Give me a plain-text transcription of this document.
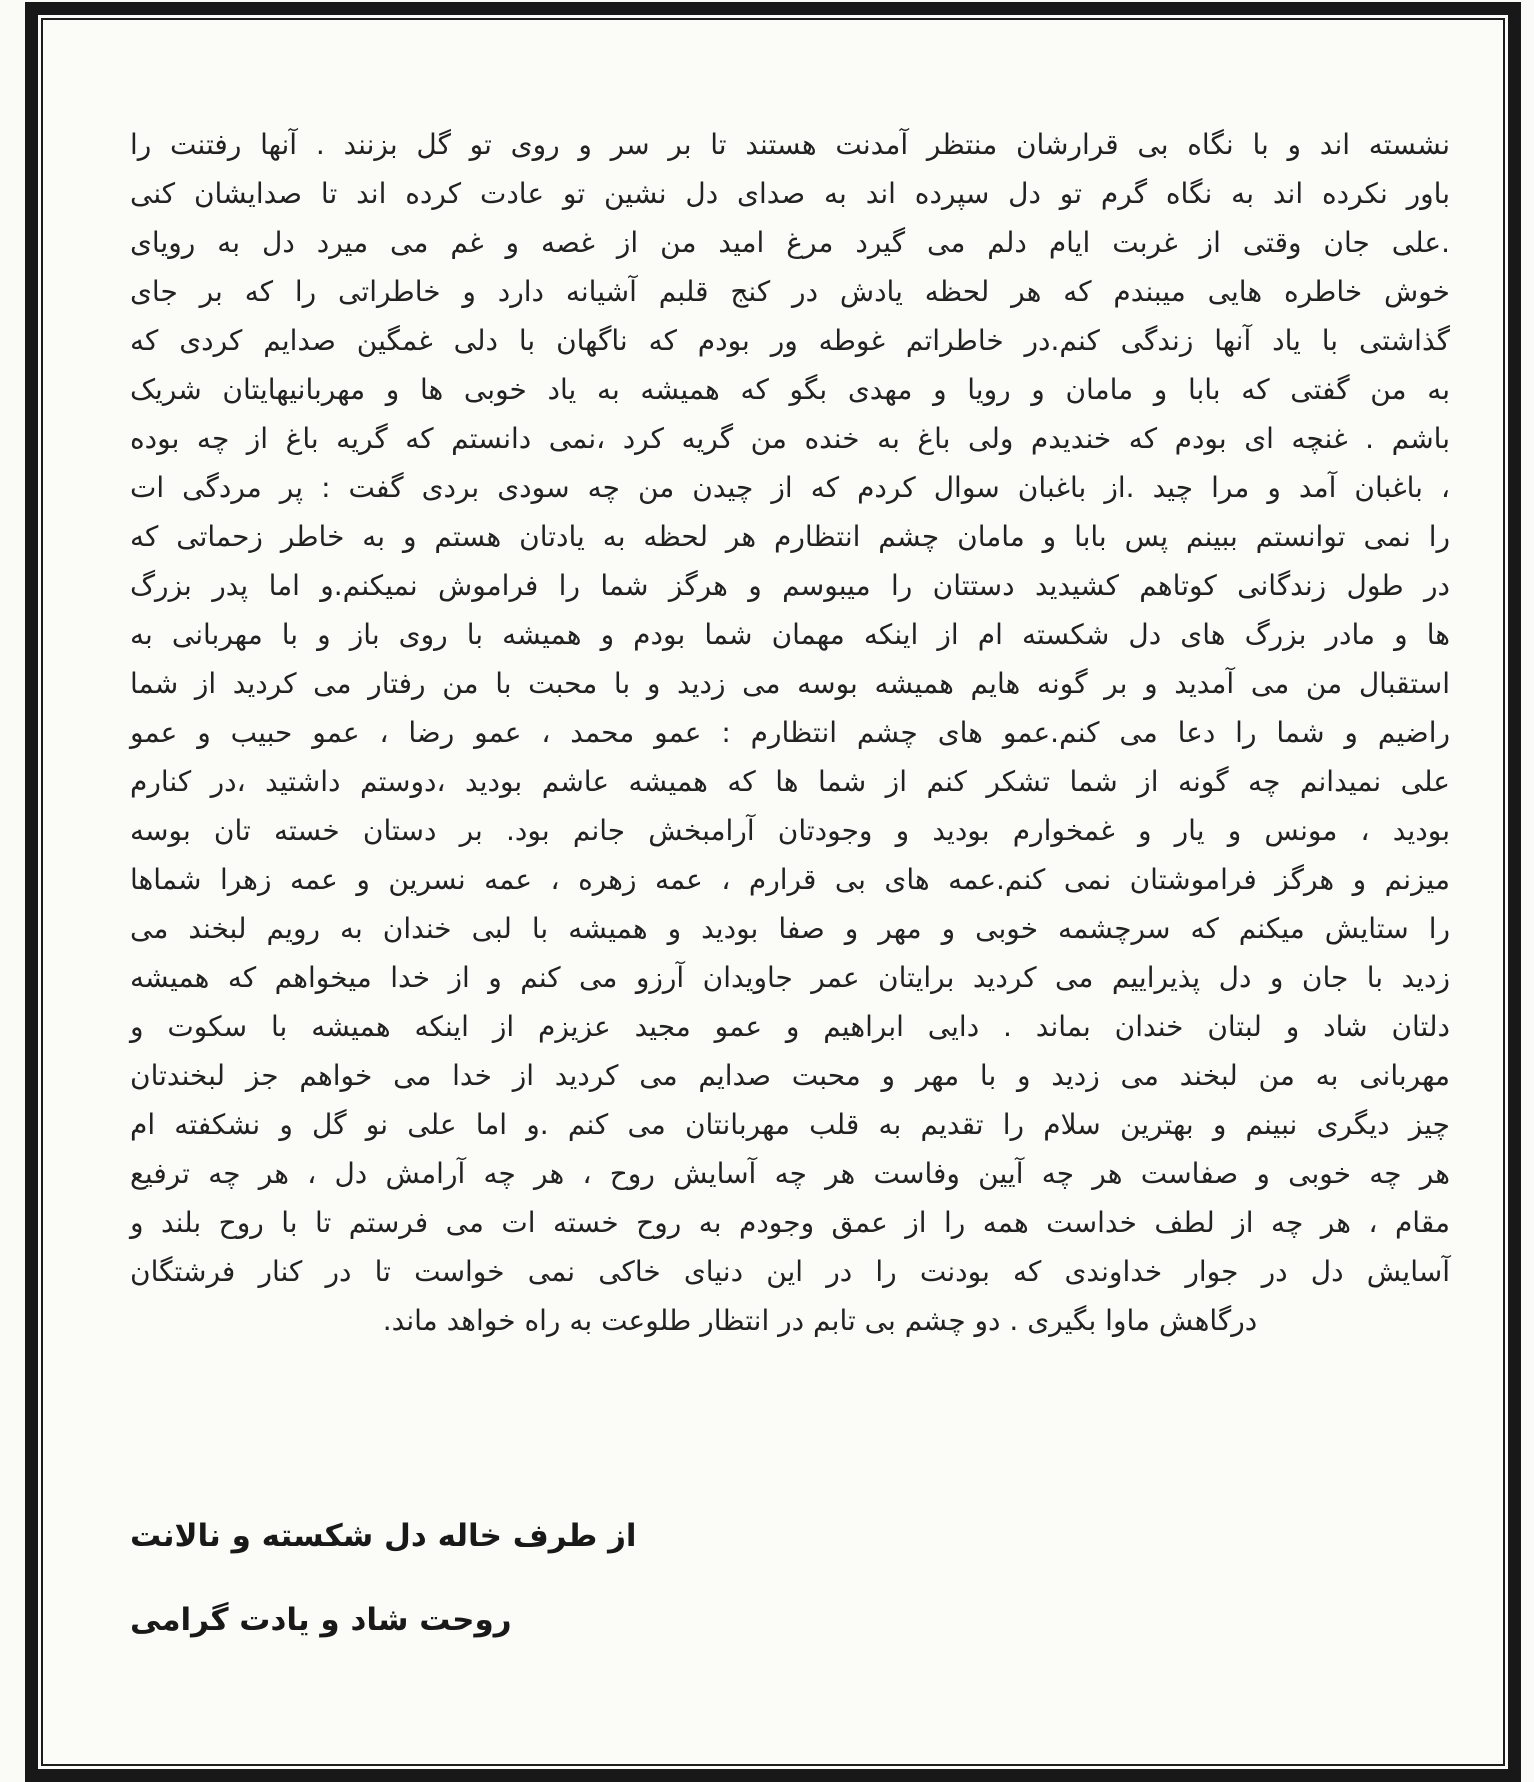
نشسته اند و با نگاه بی قرارشان منتظر آمدنت هستند تا بر سر و روی تو گل بزنند . آنها رفتنت را
باور نکرده اند به نگاه گرم تو دل سپرده اند به صدای دل نشین تو عادت کرده اند تا صدایشان کنی
.علی جان وقتی از غربت ایام دلم می گیرد مرغ امید من از غصه و غم می میرد دل به رویای
خوش خاطره هایی میبندم که هر لحظه یادش در کنج قلبم آشیانه دارد و خاطراتی را که بر جای
گذاشتی با یاد آنها زندگی کنم.در خاطراتم غوطه ور بودم که ناگهان با دلی غمگین صدایم کردی که
به من گفتی که بابا و مامان و رویا و مهدی بگو که همیشه به یاد خوبی ها و مهربانیهایتان شریک
باشم . غنچه ای بودم که خندیدم ولی باغ به خنده من گریه کرد ،نمی دانستم که گریه باغ از چه بوده
، باغبان آمد و مرا چید .از باغبان سوال کردم که از چیدن من چه سودی بردی گفت : پر مردگی ات
را نمی توانستم ببینم پس بابا و مامان چشم انتظارم هر لحظه به یادتان هستم و به خاطر زحماتی که
در طول زندگانی کوتاهم کشیدید دستتان را میبوسم و هرگز شما را فراموش نمیکنم.و اما پدر بزرگ
ها و مادر بزرگ های دل شکسته ام از اینکه مهمان شما بودم و همیشه با روی باز و با مهربانی به
استقبال من می آمدید و بر گونه هایم همیشه بوسه می زدید و با محبت با من رفتار می کردید از شما
راضیم و شما را دعا می کنم.عمو های چشم انتظارم : عمو محمد ، عمو رضا ، عمو حبیب و عمو
علی نمیدانم چه گونه از شما تشکر کنم از شما ها که همیشه عاشم بودید ،دوستم داشتید ،در کنارم
بودید ، مونس و یار و غمخوارم بودید و وجودتان آرامبخش جانم بود. بر دستان خسته تان بوسه
میزنم و هرگز فراموشتان نمی کنم.عمه های بی قرارم ، عمه زهره ، عمه نسرین و عمه زهرا شماها
را ستایش میکنم که سرچشمه خوبی و مهر و صفا بودید و همیشه با لبی خندان به رویم لبخند می
زدید با جان و دل پذیراییم می کردید برایتان عمر جاویدان آرزو می کنم و از خدا میخواهم که همیشه
دلتان شاد و لبتان خندان بماند . دایی ابراهیم و عمو مجید عزیزم از اینکه همیشه با سکوت و
مهربانی به من لبخند می زدید و با مهر و محبت صدایم می کردید از خدا می خواهم جز لبخندتان
چیز دیگری نبینم و بهترین سلام را تقدیم به قلب مهربانتان می کنم .و اما علی نو گل و نشکفته ام
هر چه خوبی و صفاست هر چه آیین وفاست هر چه آسایش روح ، هر چه آرامش دل ، هر چه ترفیع
مقام ، هر چه از لطف خداست همه را از عمق وجودم به روح خسته ات می فرستم تا با روح بلند و
آسایش دل در جوار خداوندی که بودنت را در این دنیای خاکی نمی خواست تا در کنار فرشتگان
درگاهش ماوا بگیری . دو چشم بی تابم در انتظار طلوعت به راه خواهد ماند.
از طرف خاله دل شکسته و نالانت
روحت شاد و یادت گرامی
